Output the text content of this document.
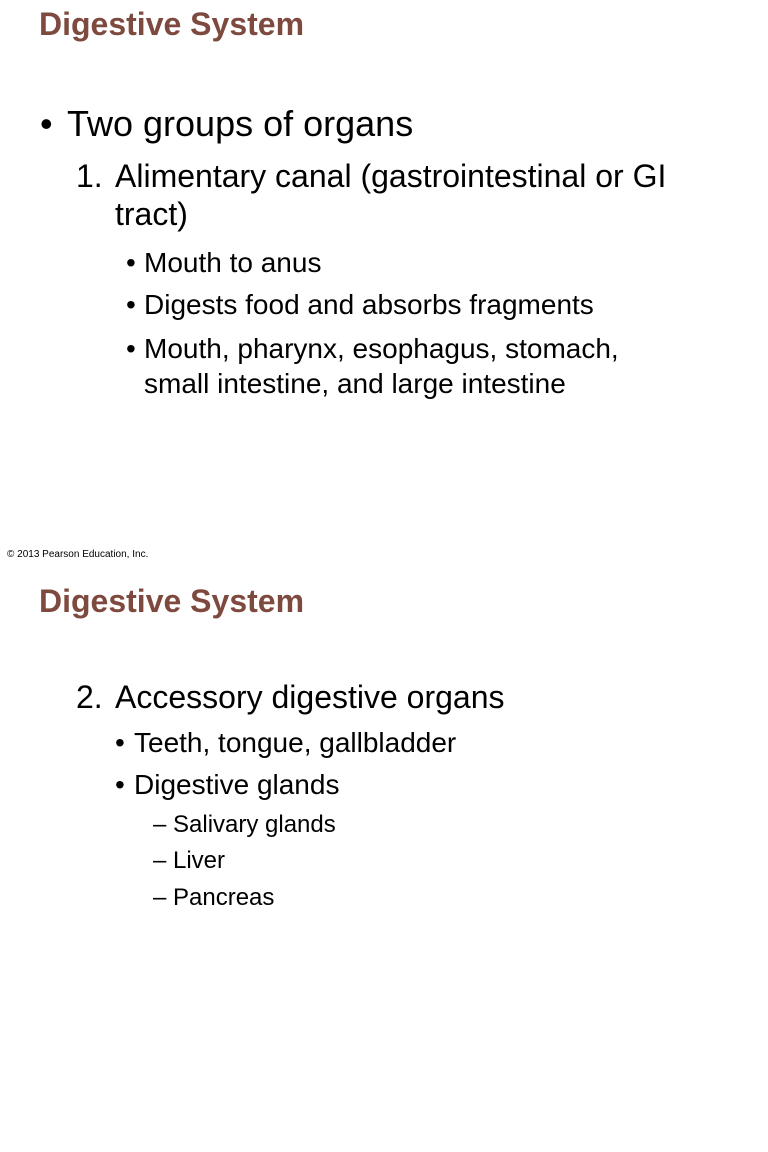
Digestive System
• Two groups of organs
1. Alimentary canal (gastrointestinal or GI
tract)
• Mouth to anus
• Digests food and absorbs fragments
• Mouth, pharynx, esophagus, stomach,
small intestine, and large intestine

© 2013 Pearson Education, Inc.

Digestive System
2. Accessory digestive organs
• Teeth, tongue, gallbladder
• Digestive glands
– Salivary glands
– Liver
– Pancreas
